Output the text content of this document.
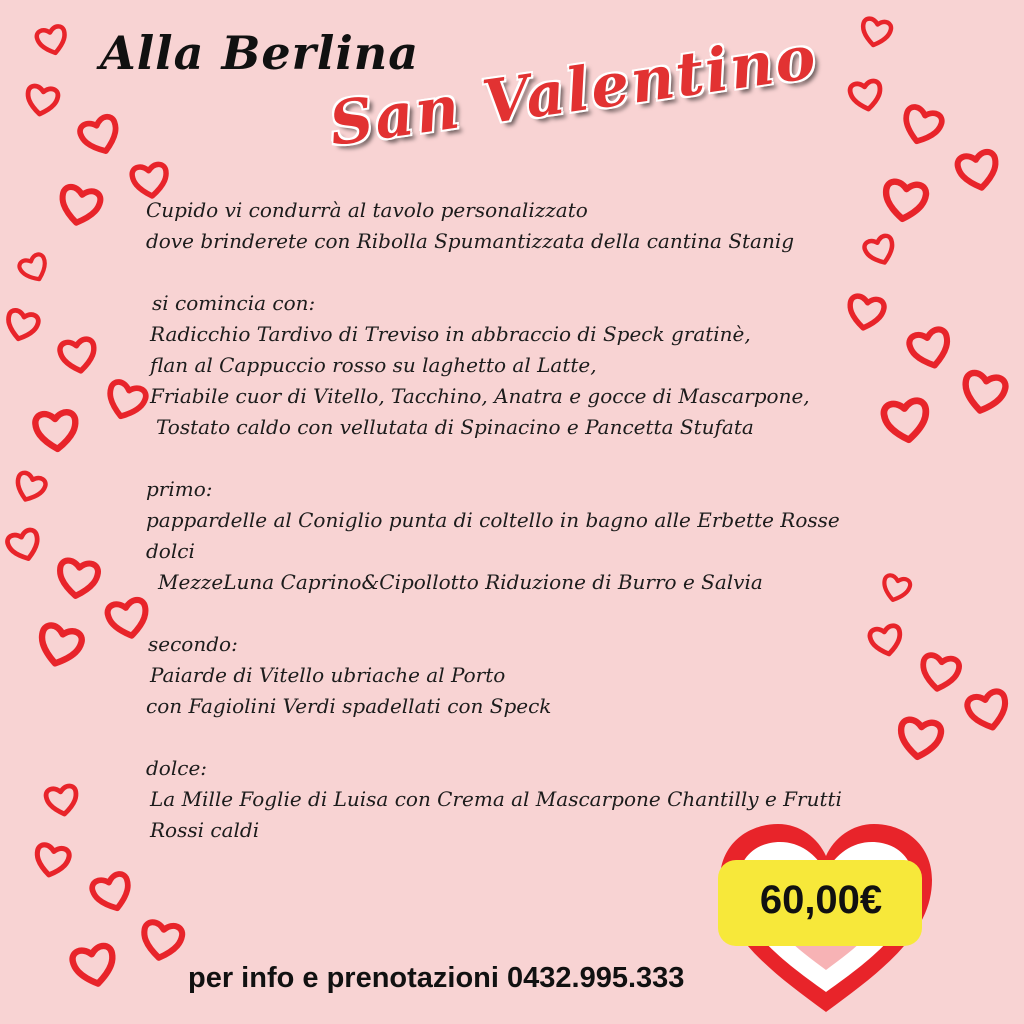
Alla Berlina
San Valentino
Cupido vi condurrà al tavolo personalizzato
dove brinderete con Ribolla Spumantizzata della cantina Stanig
si comincia con:
Radicchio Tardivo di Treviso in abbraccio di Speck gratinè,
flan al Cappuccio rosso su laghetto al Latte,
Friabile cuor di Vitello, Tacchino, Anatra e gocce di Mascarpone,
Tostato caldo con vellutata di Spinacino e Pancetta Stufata
primo:
pappardelle al Coniglio punta di coltello in bagno alle Erbette Rosse
dolci
MezzeLuna Caprino&Cipollotto Riduzione di Burro e Salvia
secondo:
Paiarde di Vitello ubriache al Porto
con Fagiolini Verdi spadellati con Speck
dolce:
La Mille Foglie di Luisa con Crema al Mascarpone Chantilly e Frutti
Rossi caldi
60,00€
per info e prenotazioni 0432.995.333
